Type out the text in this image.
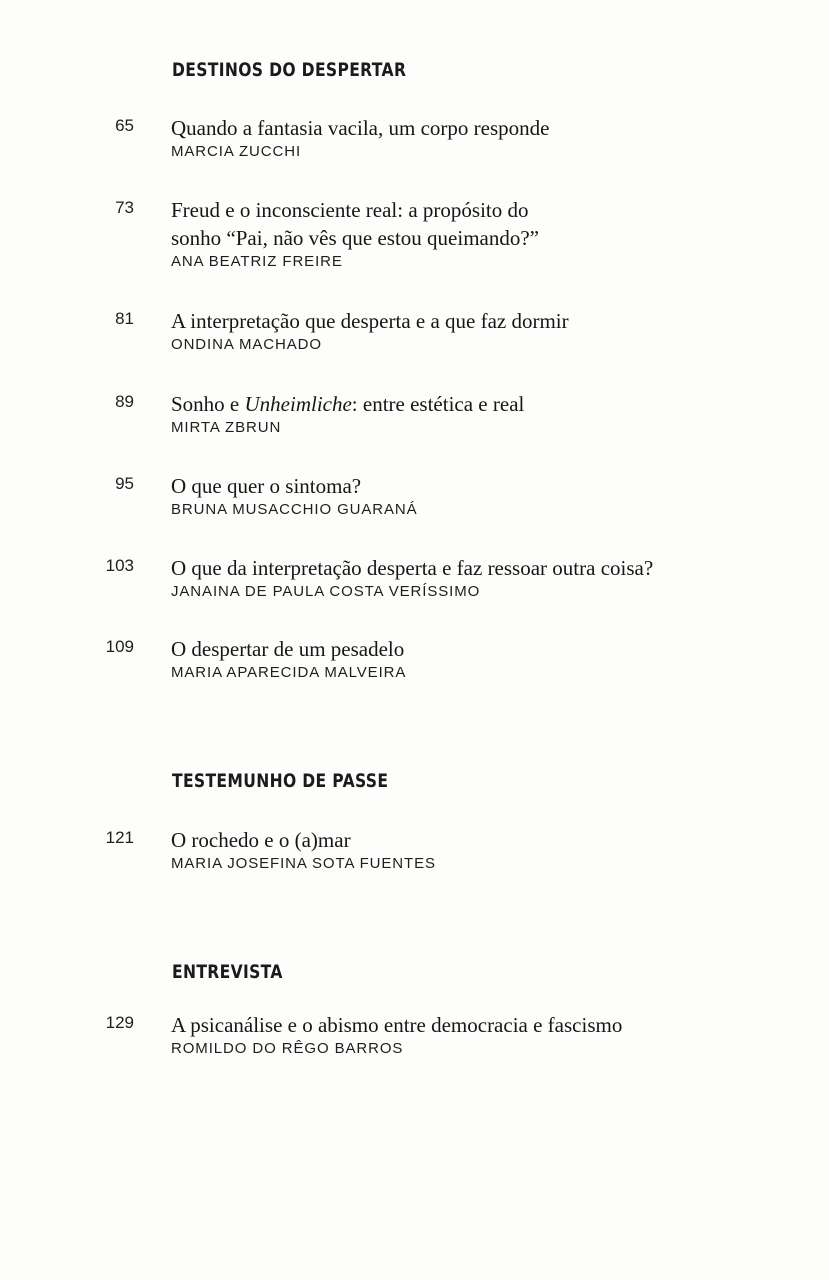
DESTINOS DO DESPERTAR
65 Quando a fantasia vacila, um corpo responde

MARCIA ZUCCHI
73 Freud e o inconsciente real: a propósito do
sonho “Pai, não vês que estou queimando?”

ANA BEATRIZ FREIRE
81 A interpretação que desperta e a que faz dormir

ONDINA MACHADO
89 Sonho e Unheimliche: entre estética e real

MIRTA ZBRUN
95 O que quer o sintoma?

BRUNA MUSACCHIO GUARANÁ
103 O que da interpretação desperta e faz ressoar outra coisa?

JANAINA DE PAULA COSTA VERÍSSIMO
109 O despertar de um pesadelo

MARIA APARECIDA MALVEIRA
TESTEMUNHO DE PASSE
121 O rochedo e o (a)mar

MARIA JOSEFINA SOTA FUENTES
ENTREVISTA
129 A psicanálise e o abismo entre democracia e fascismo

ROMILDO DO RÊGO BARROS
